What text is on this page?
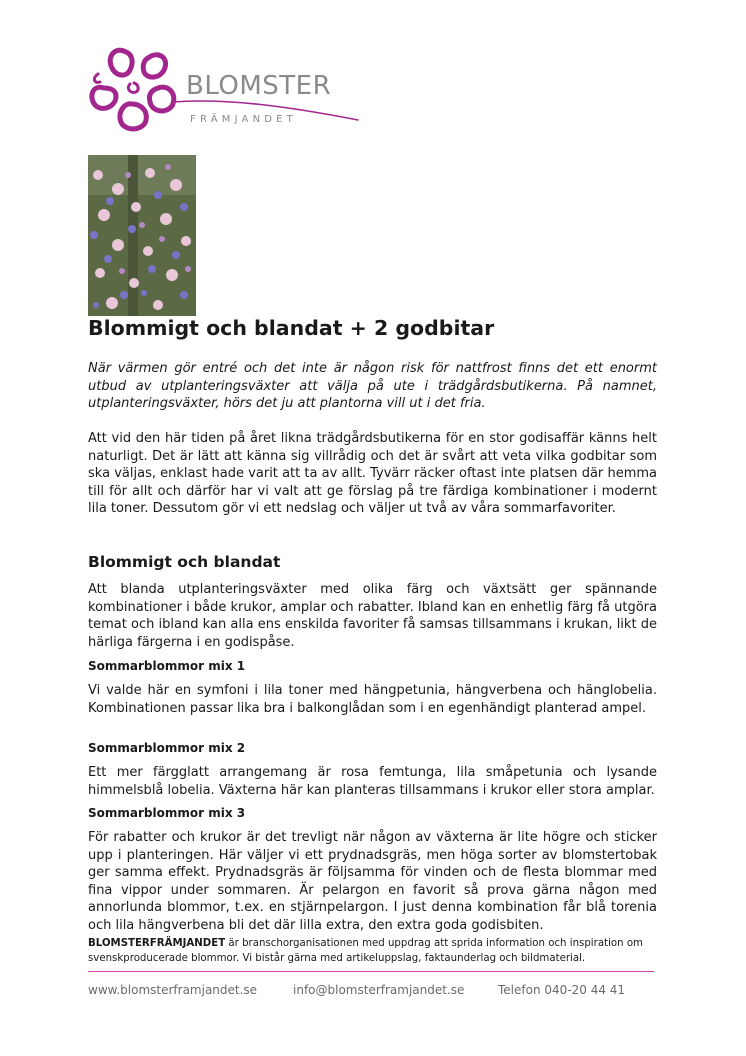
BLOMSTER
FRÄMJANDET
Blommigt och blandat + 2 godbitar

När värmen gör entré och det inte är någon risk för nattfrost finns det ett enormt utbud av utplanteringsväxter att välja på ute i trädgårdsbutikerna. På namnet, utplanteringsväxter, hörs det ju att plantorna vill ut i det fria.

Att vid den här tiden på året likna trädgårdsbutikerna för en stor godisaffär känns helt naturligt. Det är lätt att känna sig villrådig och det är svårt att veta vilka godbitar som ska väljas, enklast hade varit att ta av allt. Tyvärr räcker oftast inte platsen där hemma till för allt och därför har vi valt att ge förslag på tre färdiga kombinationer i modernt lila toner. Dessutom gör vi ett nedslag och väljer ut två av våra sommarfavoriter.

Blommigt och blandat

Att blanda utplanteringsväxter med olika färg och växtsätt ger spännande kombinationer i både krukor, amplar och rabatter. Ibland kan en enhetlig färg få utgöra temat och ibland kan alla ens enskilda favoriter få samsas tillsammans i krukan, likt de härliga färgerna i en godispåse.

Sommarblommor mix 1

Vi valde här en symfoni i lila toner med hängpetunia, hängverbena och hänglobelia. Kombinationen passar lika bra i balkonglådan som i en egenhändigt planterad ampel.

Sommarblommor mix 2

Ett mer färgglatt arrangemang är rosa femtunga, lila småpetunia och lysande himmelsblå lobelia. Växterna här kan planteras tillsammans i krukor eller stora amplar.

Sommarblommor mix 3

För rabatter och krukor är det trevligt när någon av växterna är lite högre och sticker upp i planteringen. Här väljer vi ett prydnadsgräs, men höga sorter av blomstertobak ger samma effekt. Prydnadsgräs är följsamma för vinden och de flesta blommar med fina vippor under sommaren. Är pelargon en favorit så prova gärna någon med annorlunda blommor, t.ex. en stjärnpelargon. I just denna kombination får blå torenia och lila hängverbena bli det där lilla extra, den extra goda godisbiten.

BLOMSTERFRÄMJANDET är branschorganisationen med uppdrag att sprida information och inspiration om svenskproducerade blommor. Vi bistår gärna med artikeluppslag, faktaunderlag och bildmaterial.

www.blomsterframjandet.se	info@blomsterframjandet.se	Telefon 040-20 44 41
